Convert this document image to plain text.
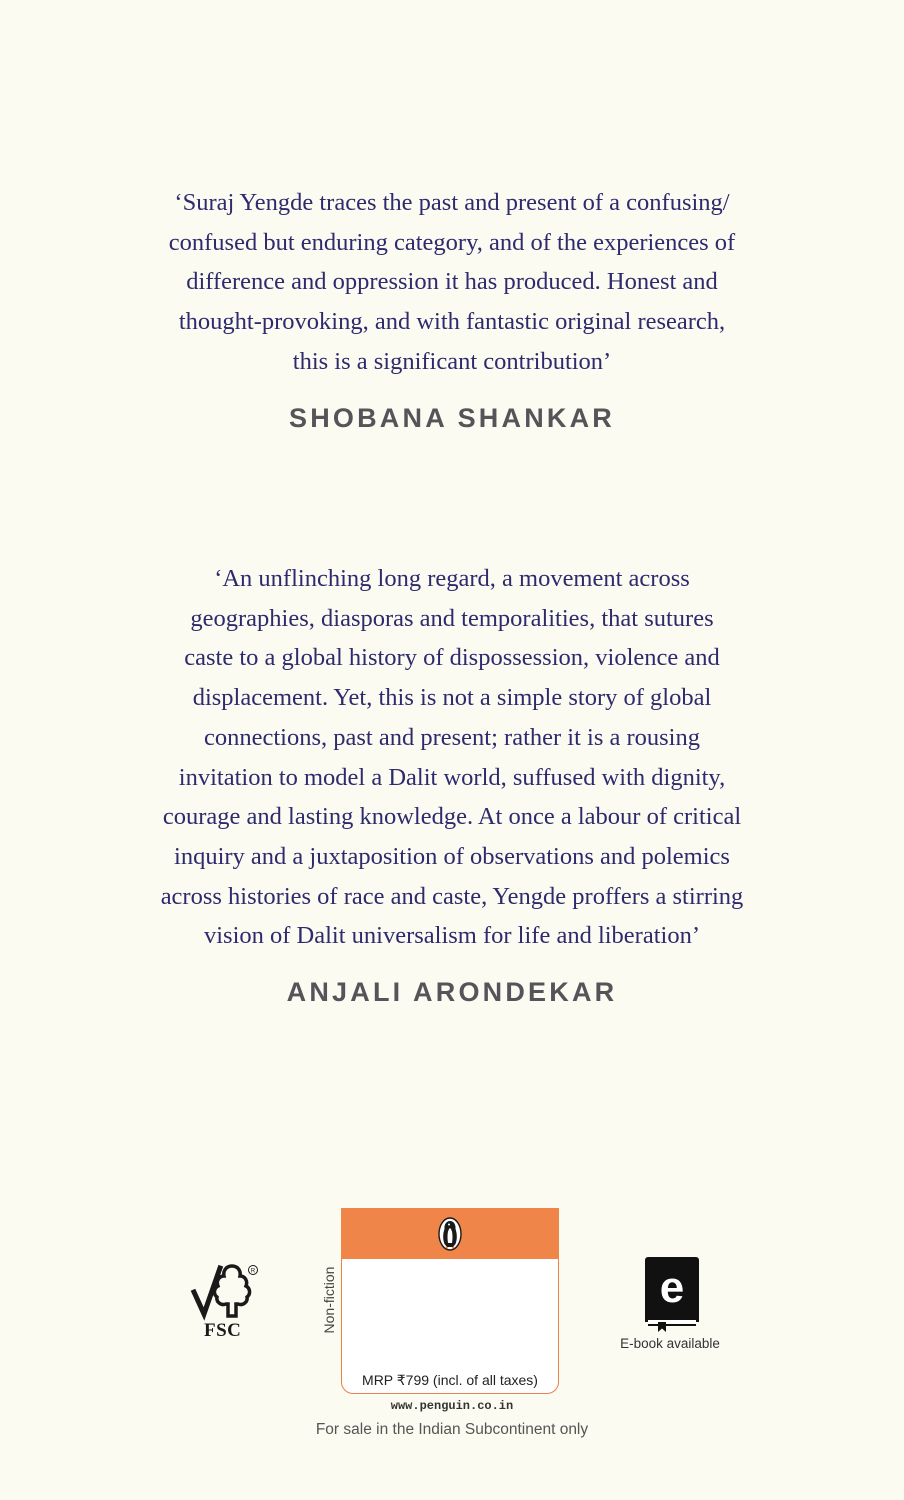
‘Suraj Yengde traces the past and present of a confusing/
confused but enduring category, and of the experiences of
difference and oppression it has produced. Honest and
thought-provoking, and with fantastic original research,
this is a significant contribution’

SHOBANA SHANKAR

‘An unflinching long regard, a movement across
geographies, diasporas and temporalities, that sutures
caste to a global history of dispossession, violence and
displacement. Yet, this is not a simple story of global
connections, past and present; rather it is a rousing
invitation to model a Dalit world, suffused with dignity,
courage and lasting knowledge. At once a labour of critical
inquiry and a juxtaposition of observations and polemics
across histories of race and caste, Yengde proffers a stirring
vision of Dalit universalism for life and liberation’

ANJALI ARONDEKAR

R
FSC	Non-fiction
MRP ₹799 (incl. of all taxes)
www.penguin.co.in
For sale in the Indian Subcontinent only
e
E-book available
